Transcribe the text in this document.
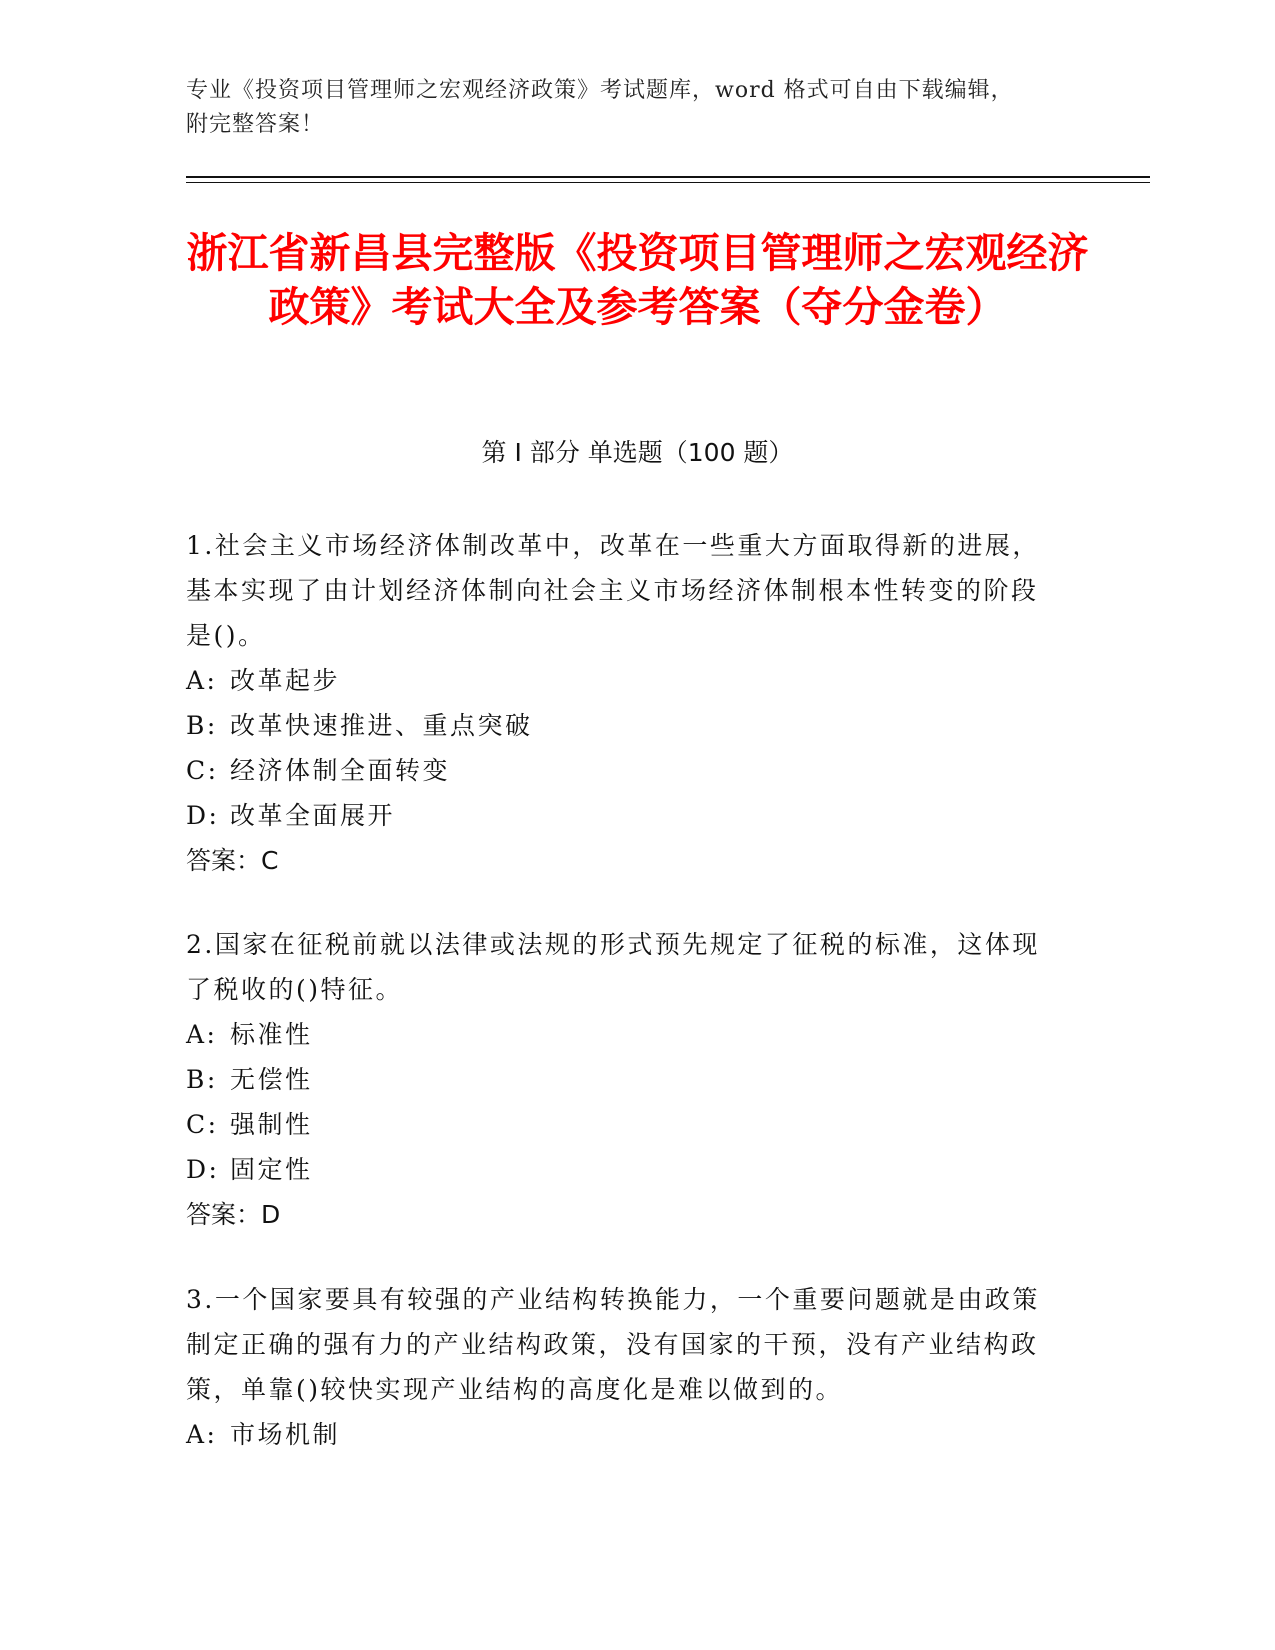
专业《投资项目管理师之宏观经济政策》考试题库，word 格式可自由下载编辑，
附完整答案！
浙江省新昌县完整版《投资项目管理师之宏观经济政策》考试大全及参考答案（夺分金卷）
第 I 部分 单选题（100 题）

1.社会主义市场经济体制改革中，改革在一些重大方面取得新的进展，基本实现了由计划经济体制向社会主义市场经济体制根本性转变的阶段是()。

A: 改革起步

B: 改革快速推进、重点突破

C: 经济体制全面转变

D: 改革全面展开

答案：C

2.国家在征税前就以法律或法规的形式预先规定了征税的标准，这体现了税收的()特征。

A: 标准性

B: 无偿性

C: 强制性

D: 固定性

答案：D

3.一个国家要具有较强的产业结构转换能力，一个重要问题就是由政策制定正确的强有力的产业结构政策，没有国家的干预，没有产业结构政策，单靠()较快实现产业结构的高度化是难以做到的。

A: 市场机制
